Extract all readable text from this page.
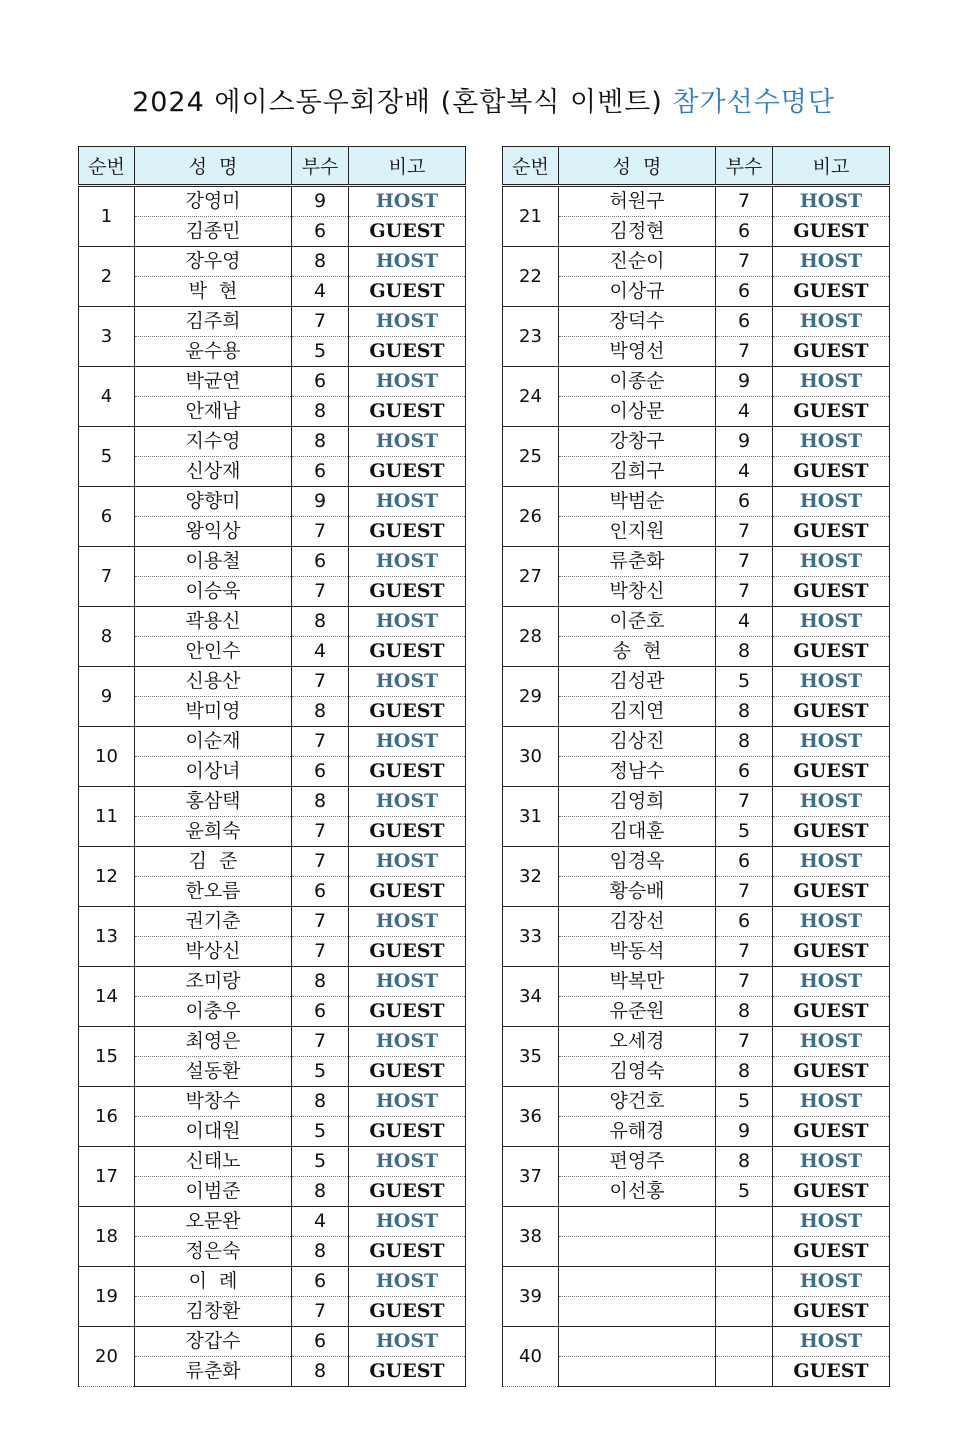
2024 에이스동우회장배 (혼합복식 이벤트) 참가선수명단
순번	성  명	부수	비고
1	강영미	9	HOST
	김종민	6	GUEST
2	장우영	8	HOST
	박  현	4	GUEST
3	김주희	7	HOST
	윤수용	5	GUEST
4	박균연	6	HOST
	안재남	8	GUEST
5	지수영	8	HOST
	신상재	6	GUEST
6	양향미	9	HOST
	왕익상	7	GUEST
7	이용철	6	HOST
	이승욱	7	GUEST
8	곽용신	8	HOST
	안인수	4	GUEST
9	신용산	7	HOST
	박미영	8	GUEST
10	이순재	7	HOST
	이상녀	6	GUEST
11	홍삼택	8	HOST
	윤희숙	7	GUEST
12	김  준	7	HOST
	한오름	6	GUEST
13	권기춘	7	HOST
	박상신	7	GUEST
14	조미랑	8	HOST
	이충우	6	GUEST
15	최영은	7	HOST
	설동환	5	GUEST
16	박창수	8	HOST
	이대원	5	GUEST
17	신태노	5	HOST
	이범준	8	GUEST
18	오문완	4	HOST
	정은숙	8	GUEST
19	이  례	6	HOST
	김창환	7	GUEST
20	장갑수	6	HOST
	류춘화	8	GUEST
순번	성  명	부수	비고
21	허원구	7	HOST
	김정현	6	GUEST
22	진순이	7	HOST
	이상규	6	GUEST
23	장덕수	6	HOST
	박영선	7	GUEST
24	이종순	9	HOST
	이상문	4	GUEST
25	강창구	9	HOST
	김희구	4	GUEST
26	박범순	6	HOST
	인지원	7	GUEST
27	류춘화	7	HOST
	박창신	7	GUEST
28	이준호	4	HOST
	송  현	8	GUEST
29	김성관	5	HOST
	김지연	8	GUEST
30	김상진	8	HOST
	정남수	6	GUEST
31	김영희	7	HOST
	김대훈	5	GUEST
32	임경옥	6	HOST
	황승배	7	GUEST
33	김장선	6	HOST
	박동석	7	GUEST
34	박복만	7	HOST
	유준원	8	GUEST
35	오세경	7	HOST
	김영숙	8	GUEST
36	양건호	5	HOST
	유해경	9	GUEST
37	편영주	8	HOST
	이선홍	5	GUEST
38			HOST
			GUEST
39			HOST
			GUEST
40			HOST
			GUEST
